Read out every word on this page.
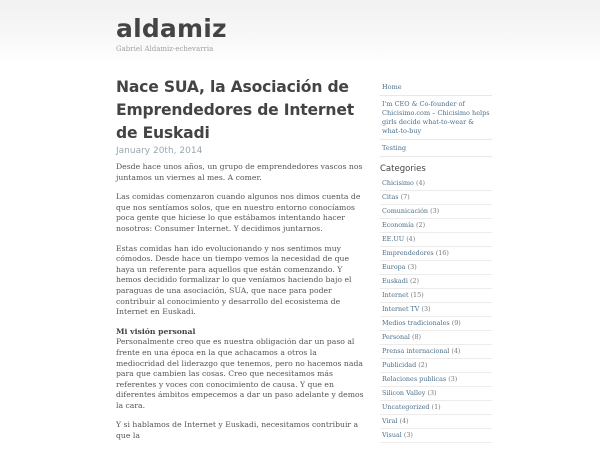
aldamiz
Gabriel Aldamiz-echevarria
Nace SUA, la Asociación de Emprendedores de Internet de Euskadi
January 20th, 2014

Desde hace unos años, un grupo de emprendedores vascos nos juntamos un viernes al mes. A comer.

Las comidas comenzaron cuando algunos nos dimos cuenta de que nos sentíamos solos, que en nuestro entorno conocíamos poca gente que hiciese lo que estábamos intentando hacer nosotros: Consumer Internet. Y decidimos juntarnos.

Estas comidas han ido evolucionando y nos sentimos muy cómodos. Desde hace un tiempo vemos la necesidad de que haya un referente para aquellos que están comenzando. Y hemos decidido formalizar lo que veníamos haciendo bajo el paraguas de una asociación, SUA, que nace para poder contribuir al conocimiento y desarrollo del ecosistema de Internet en Euskadi.

Mi visión personal
Personalmente creo que es nuestra obligación dar un paso al frente en una época en la que achacamos a otros la mediocridad del liderazgo que tenemos, pero no hacemos nada para que cambien las cosas. Creo que necesitamos más referentes y voces con conocimiento de causa. Y que en diferentes ámbitos empecemos a dar un paso adelante y demos la cara.

Y si hablamos de Internet y Euskadi, necesitamos contribuir a que la

Home
I'm CEO & Co-founder of Chicisimo.com – Chicisimo helps girls decide what-to-wear & what-to-buy
Testing
Categories
Chicisimo (4)
Citas (7)
Comunicación (3)
Economía (2)
EE.UU (4)
Emprendedores (16)
Europa (3)
Euskadi (2)
Internet (15)
Internet TV (3)
Medios tradicionales (9)
Personal (8)
Prensa internacional (4)
Publicidad (2)
Relaciones publicas (3)
Silicon Valley (3)
Uncategorized (1)
Viral (4)
Visual (3)
